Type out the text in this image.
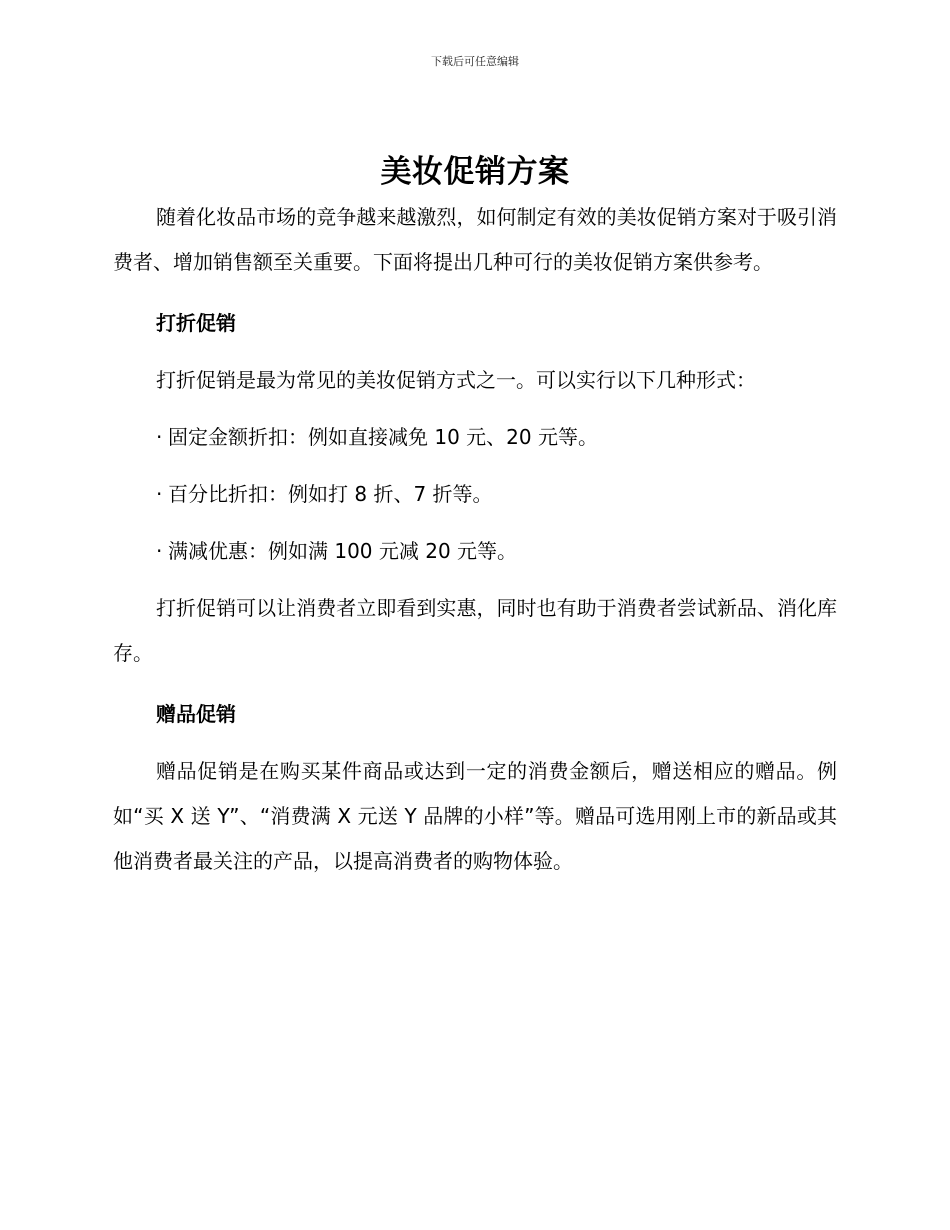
下载后可任意编辑
美妆促销方案

随着化妆品市场的竞争越来越激烈，如何制定有效的美妆促销方案对于吸引消费者、增加销售额至关重要。下面将提出几种可行的美妆促销方案供参考。

打折促销

打折促销是最为常见的美妆促销方式之一。可以实行以下几种形式：

· 固定金额折扣：例如直接减免 10 元、20 元等。
· 百分比折扣：例如打 8 折、7 折等。
· 满减优惠：例如满 100 元减 20 元等。

打折促销可以让消费者立即看到实惠，同时也有助于消费者尝试新品、消化库存。

赠品促销

赠品促销是在购买某件商品或达到一定的消费金额后，赠送相应的赠品。例如“买 X 送 Y”、“消费满 X 元送 Y 品牌的小样”等。赠品可选用刚上市的新品或其他消费者最关注的产品，以提高消费者的购物体验。
